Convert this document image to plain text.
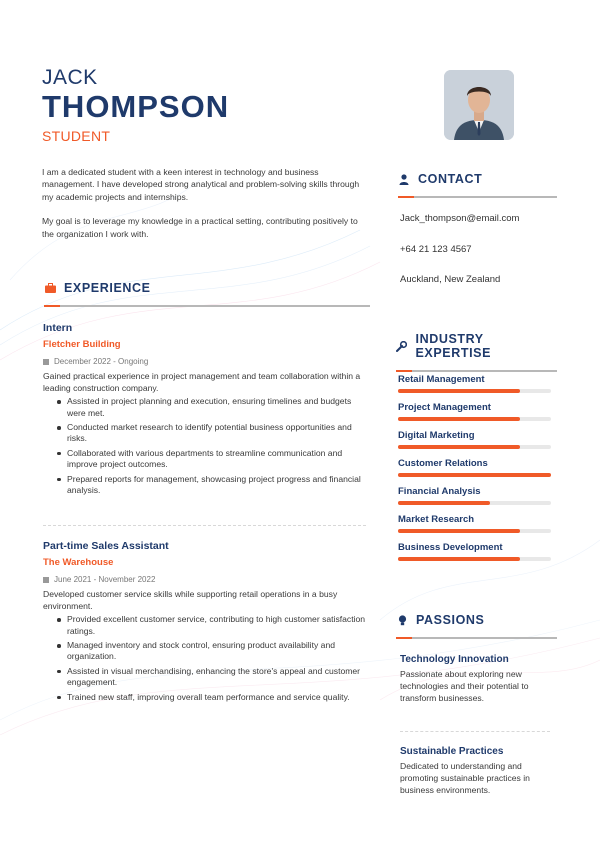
JACK
THOMPSON
STUDENT

I am a dedicated student with a keen interest in technology and business management. I have developed strong analytical and problem-solving skills through my academic projects and internships.

My goal is to leverage my knowledge in a practical setting, contributing positively to the organization I work with.

EXPERIENCE
Intern
Fletcher Building
December 2022 - Ongoing
Gained practical experience in project management and team collaboration within a leading construction company.
Assisted in project planning and execution, ensuring timelines and budgets were met.
Conducted market research to identify potential business opportunities and risks.
Collaborated with various departments to streamline communication and improve project outcomes.
Prepared reports for management, showcasing project progress and financial analysis.
Part-time Sales Assistant
The Warehouse
June 2021 - November 2022
Developed customer service skills while supporting retail operations in a busy environment.
Provided excellent customer service, contributing to high customer satisfaction ratings.
Managed inventory and stock control, ensuring product availability and organization.
Assisted in visual merchandising, enhancing the store's appeal and customer engagement.
Trained new staff, improving overall team performance and service quality.
CONTACT
Jack_thompson@email.com
+64 21 123 4567
Auckland, New Zealand
INDUSTRY EXPERTISE
Retail Management
Project Management
Digital Marketing
Customer Relations
Financial Analysis
Market Research
Business Development
PASSIONS
Technology Innovation
Passionate about exploring new technologies and their potential to transform businesses.
Sustainable Practices
Dedicated to understanding and promoting sustainable practices in business environments.
